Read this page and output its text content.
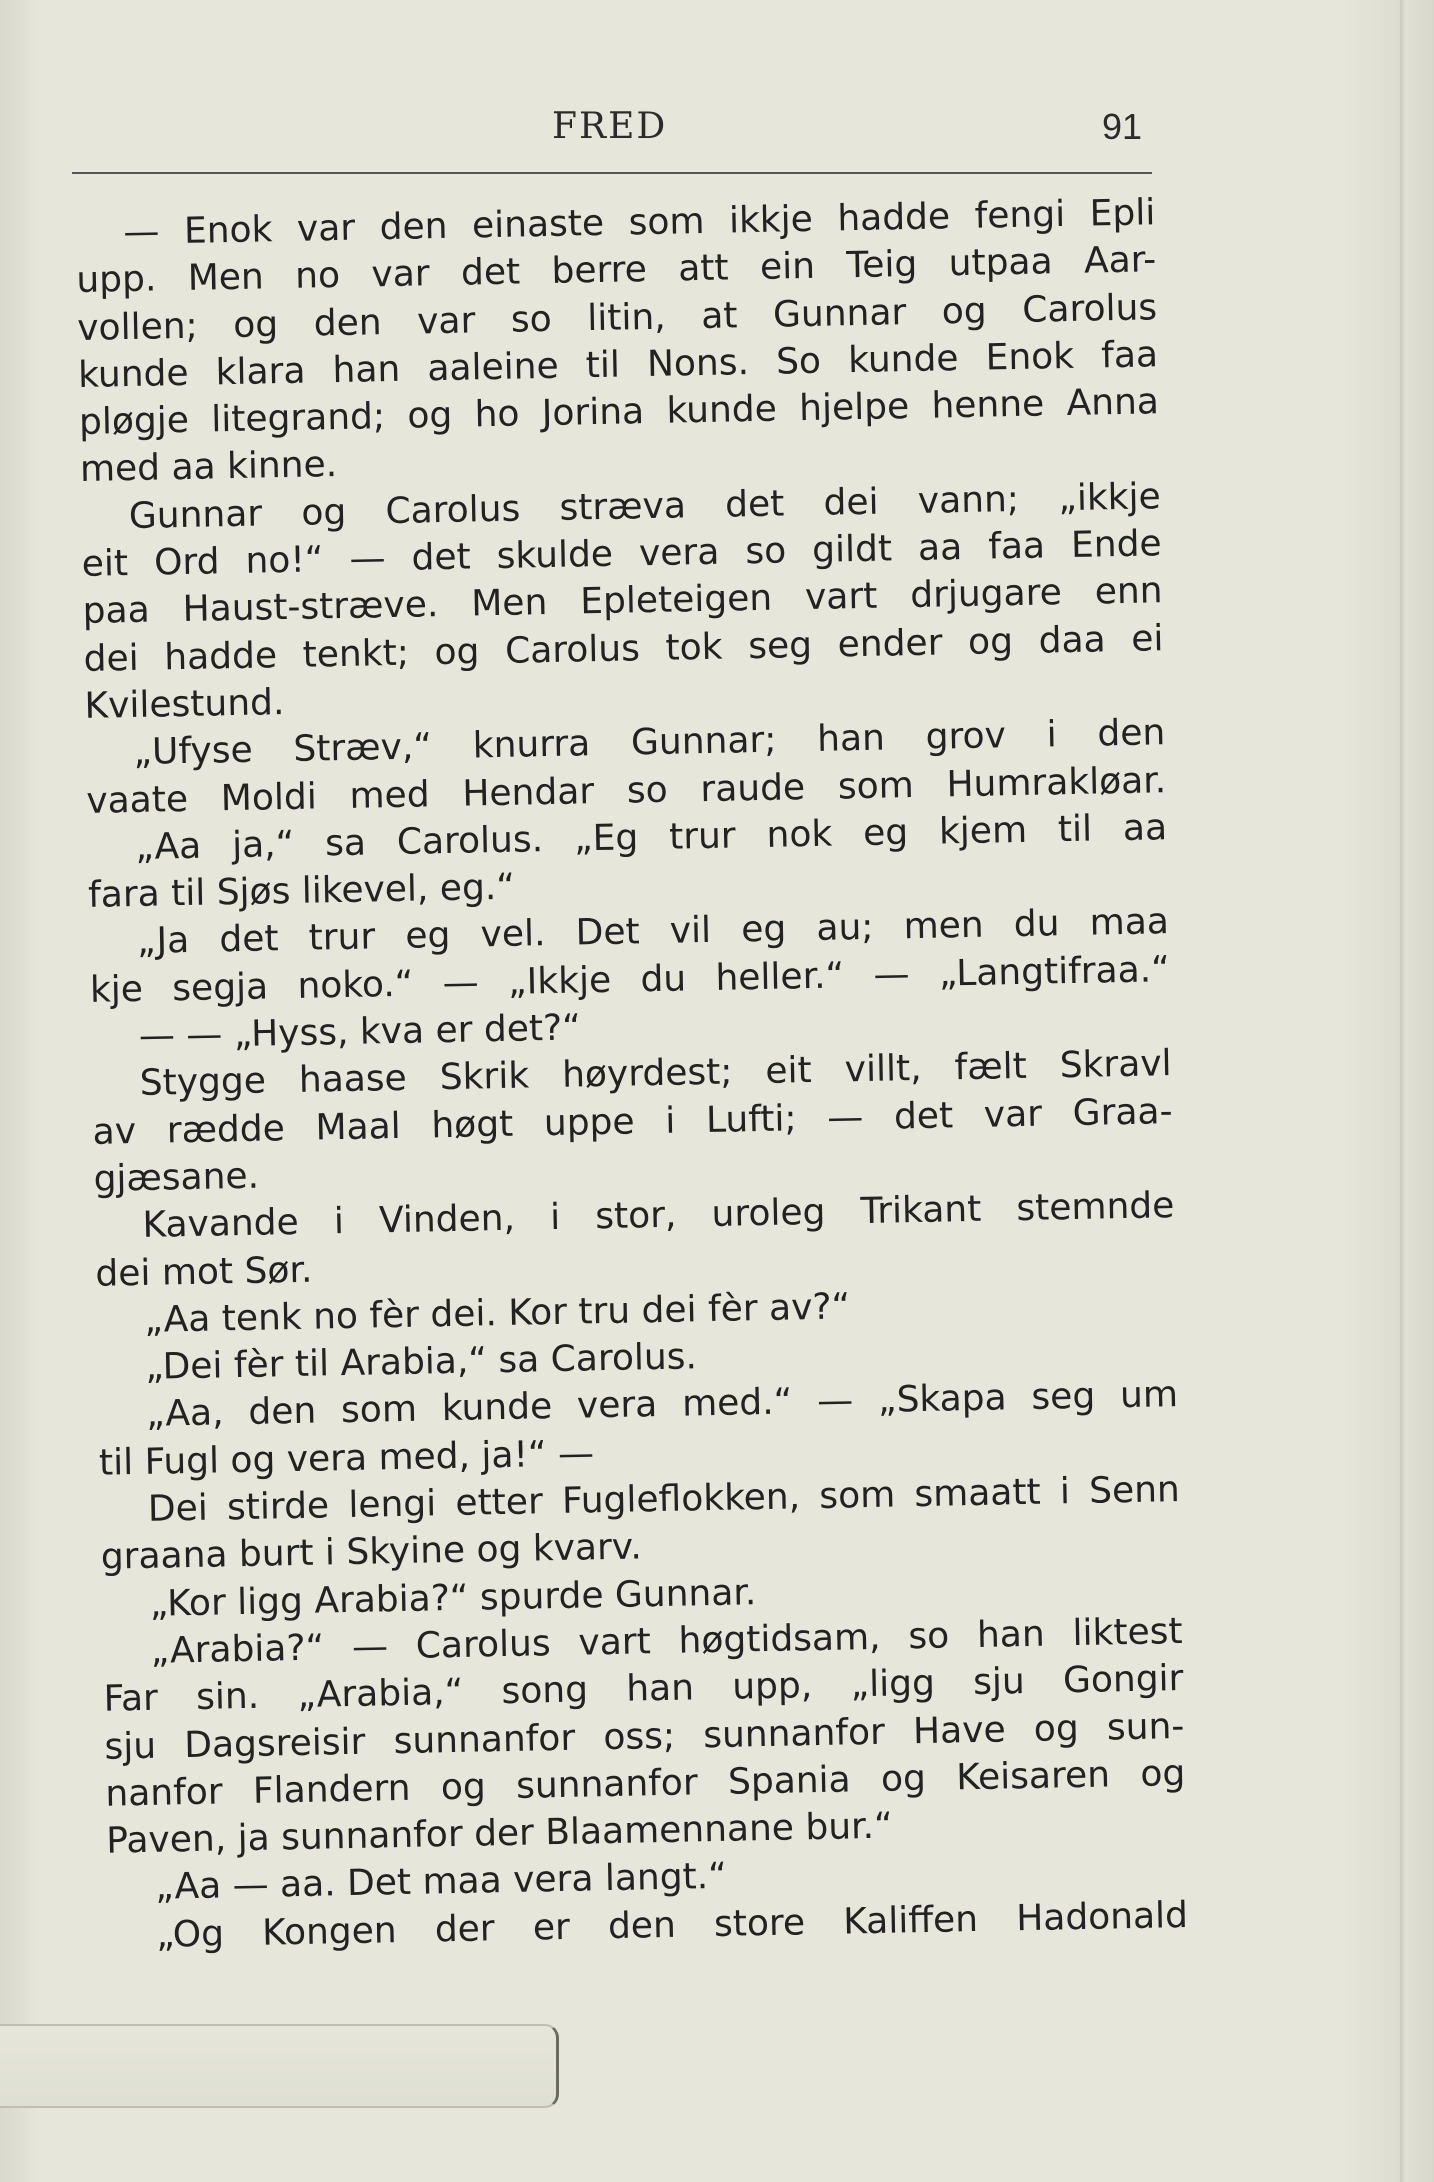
FRED	91
— Enok var den einaste som ikkje hadde fengi Epli
upp. Men no var det berre att ein Teig utpaa Aar-
vollen; og den var so litin, at Gunnar og Carolus
kunde klara han aaleine til Nons. So kunde Enok faa
pløgje litegrand; og ho Jorina kunde hjelpe henne Anna
med aa kinne.
Gunnar og Carolus stræva det dei vann; „ikkje
eit Ord no!“ — det skulde vera so gildt aa faa Ende
paa Haust-stræve. Men Epleteigen vart drjugare enn
dei hadde tenkt; og Carolus tok seg ender og daa ei
Kvilestund.
„Ufyse Stræv,“ knurra Gunnar; han grov i den
vaate Moldi med Hendar so raude som Humrakløar.
„Aa ja,“ sa Carolus. „Eg trur nok eg kjem til aa
fara til Sjøs likevel, eg.“
„Ja det trur eg vel. Det vil eg au; men du maa
kje segja noko.“ — „Ikkje du heller.“ — „Langtifraa.“
— — „Hyss, kva er det?“
Stygge haase Skrik høyrdest; eit villt, fælt Skravl
av rædde Maal høgt uppe i Lufti; — det var Graa-
gjæsane.
Kavande i Vinden, i stor, uroleg Trikant stemnde
dei mot Sør.
„Aa tenk no fèr dei. Kor tru dei fèr av?“
„Dei fèr til Arabia,“ sa Carolus.
„Aa, den som kunde vera med.“ — „Skapa seg um
til Fugl og vera med, ja!“ —
Dei stirde lengi etter Fugleflokken, som smaatt i Senn
graana burt i Skyine og kvarv.
„Kor ligg Arabia?“ spurde Gunnar.
„Arabia?“ — Carolus vart høgtidsam, so han liktest
Far sin. „Arabia,“ song han upp, „ligg sju Gongir
sju Dagsreisir sunnanfor oss; sunnanfor Have og sun-
nanfor Flandern og sunnanfor Spania og Keisaren og
Paven, ja sunnanfor der Blaamennane bur.“
„Aa — aa. Det maa vera langt.“
„Og Kongen der er den store Kaliffen Hadonald
